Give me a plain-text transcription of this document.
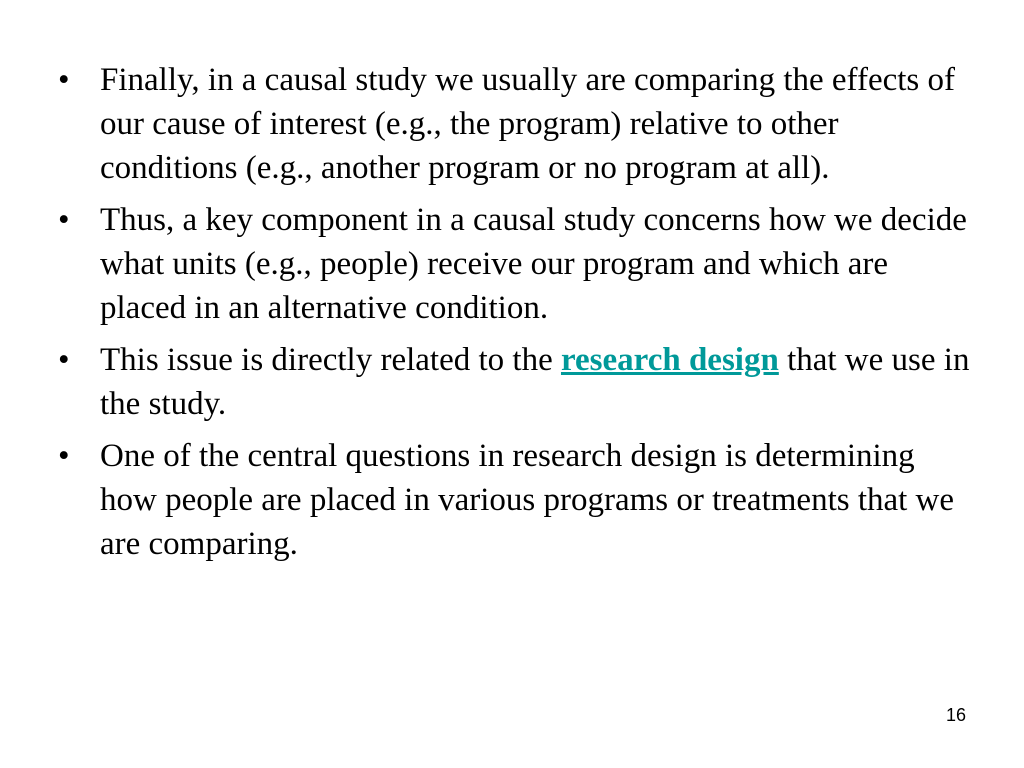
• Finally, in a causal study we usually are comparing the effects of our cause of interest (e.g., the program) relative to other conditions (e.g., another program or no program at all).
• Thus, a key component in a causal study concerns how we decide what units (e.g., people) receive our program and which are placed in an alternative condition.
• This issue is directly related to the research design that we use in the study.
• One of the central questions in research design is determining how people are placed in various programs or treatments that we are comparing.
16
